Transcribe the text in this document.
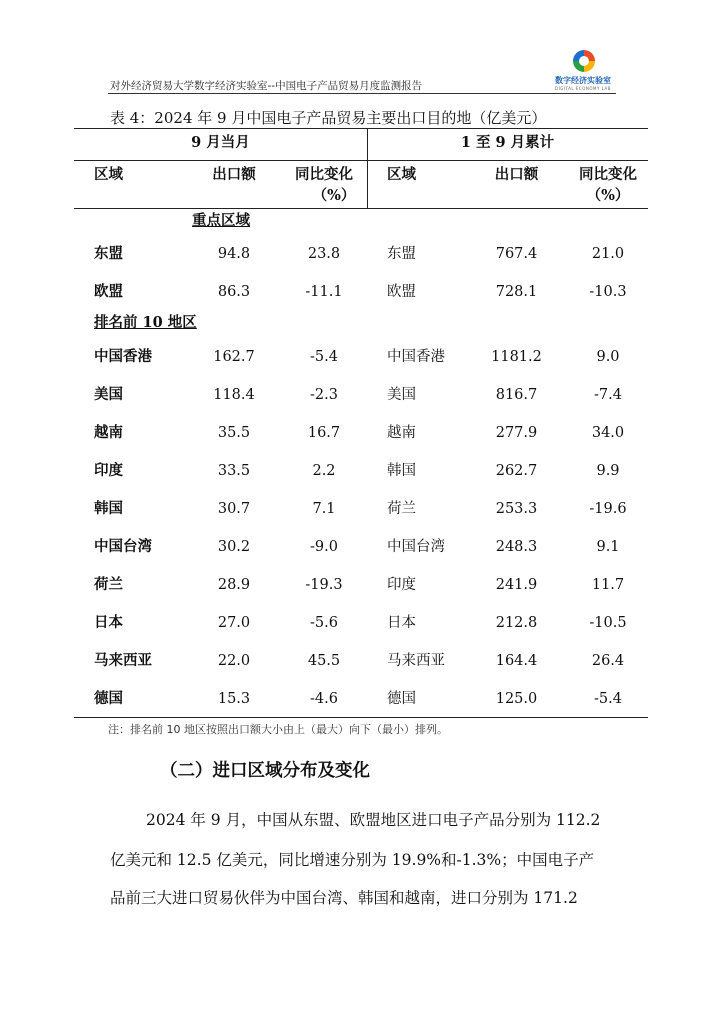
对外经济贸易大学数字经济实验室--中国电子产品贸易月度监测报告	数字经济实验室
DIGITAL ECONOMY LAB
表 4：2024 年 9 月中国电子产品贸易主要出口目的地（亿美元）
9 月当月	1 至 9 月累计
区域	出口额	同比变化
（%）
区域	出口额	同比变化
（%）
重点区域
东盟	94.8	23.8	东盟	767.4	21.0
欧盟	86.3	-11.1	欧盟	728.1	-10.3
排名前 10 地区
中国香港	162.7	-5.4	中国香港	1181.2	9.0
美国	118.4	-2.3	美国	816.7	-7.4
越南	35.5	16.7	越南	277.9	34.0
印度	33.5	2.2	韩国	262.7	9.9
韩国	30.7	7.1	荷兰	253.3	-19.6
中国台湾	30.2	-9.0	中国台湾	248.3	9.1
荷兰	28.9	-19.3	印度	241.9	11.7
日本	27.0	-5.6	日本	212.8	-10.5
马来西亚	22.0	45.5	马来西亚	164.4	26.4
德国	15.3	-4.6	德国	125.0	-5.4
注：排名前 10 地区按照出口额大小由上（最大）向下（最小）排列。
（二）进口区域分布及变化
2024 年 9 月，中国从东盟、欧盟地区进口电子产品分别为 112.2
亿美元和 12.5 亿美元，同比增速分别为 19.9%和-1.3%；中国电子产
品前三大进口贸易伙伴为中国台湾、韩国和越南，进口分别为 171.2
